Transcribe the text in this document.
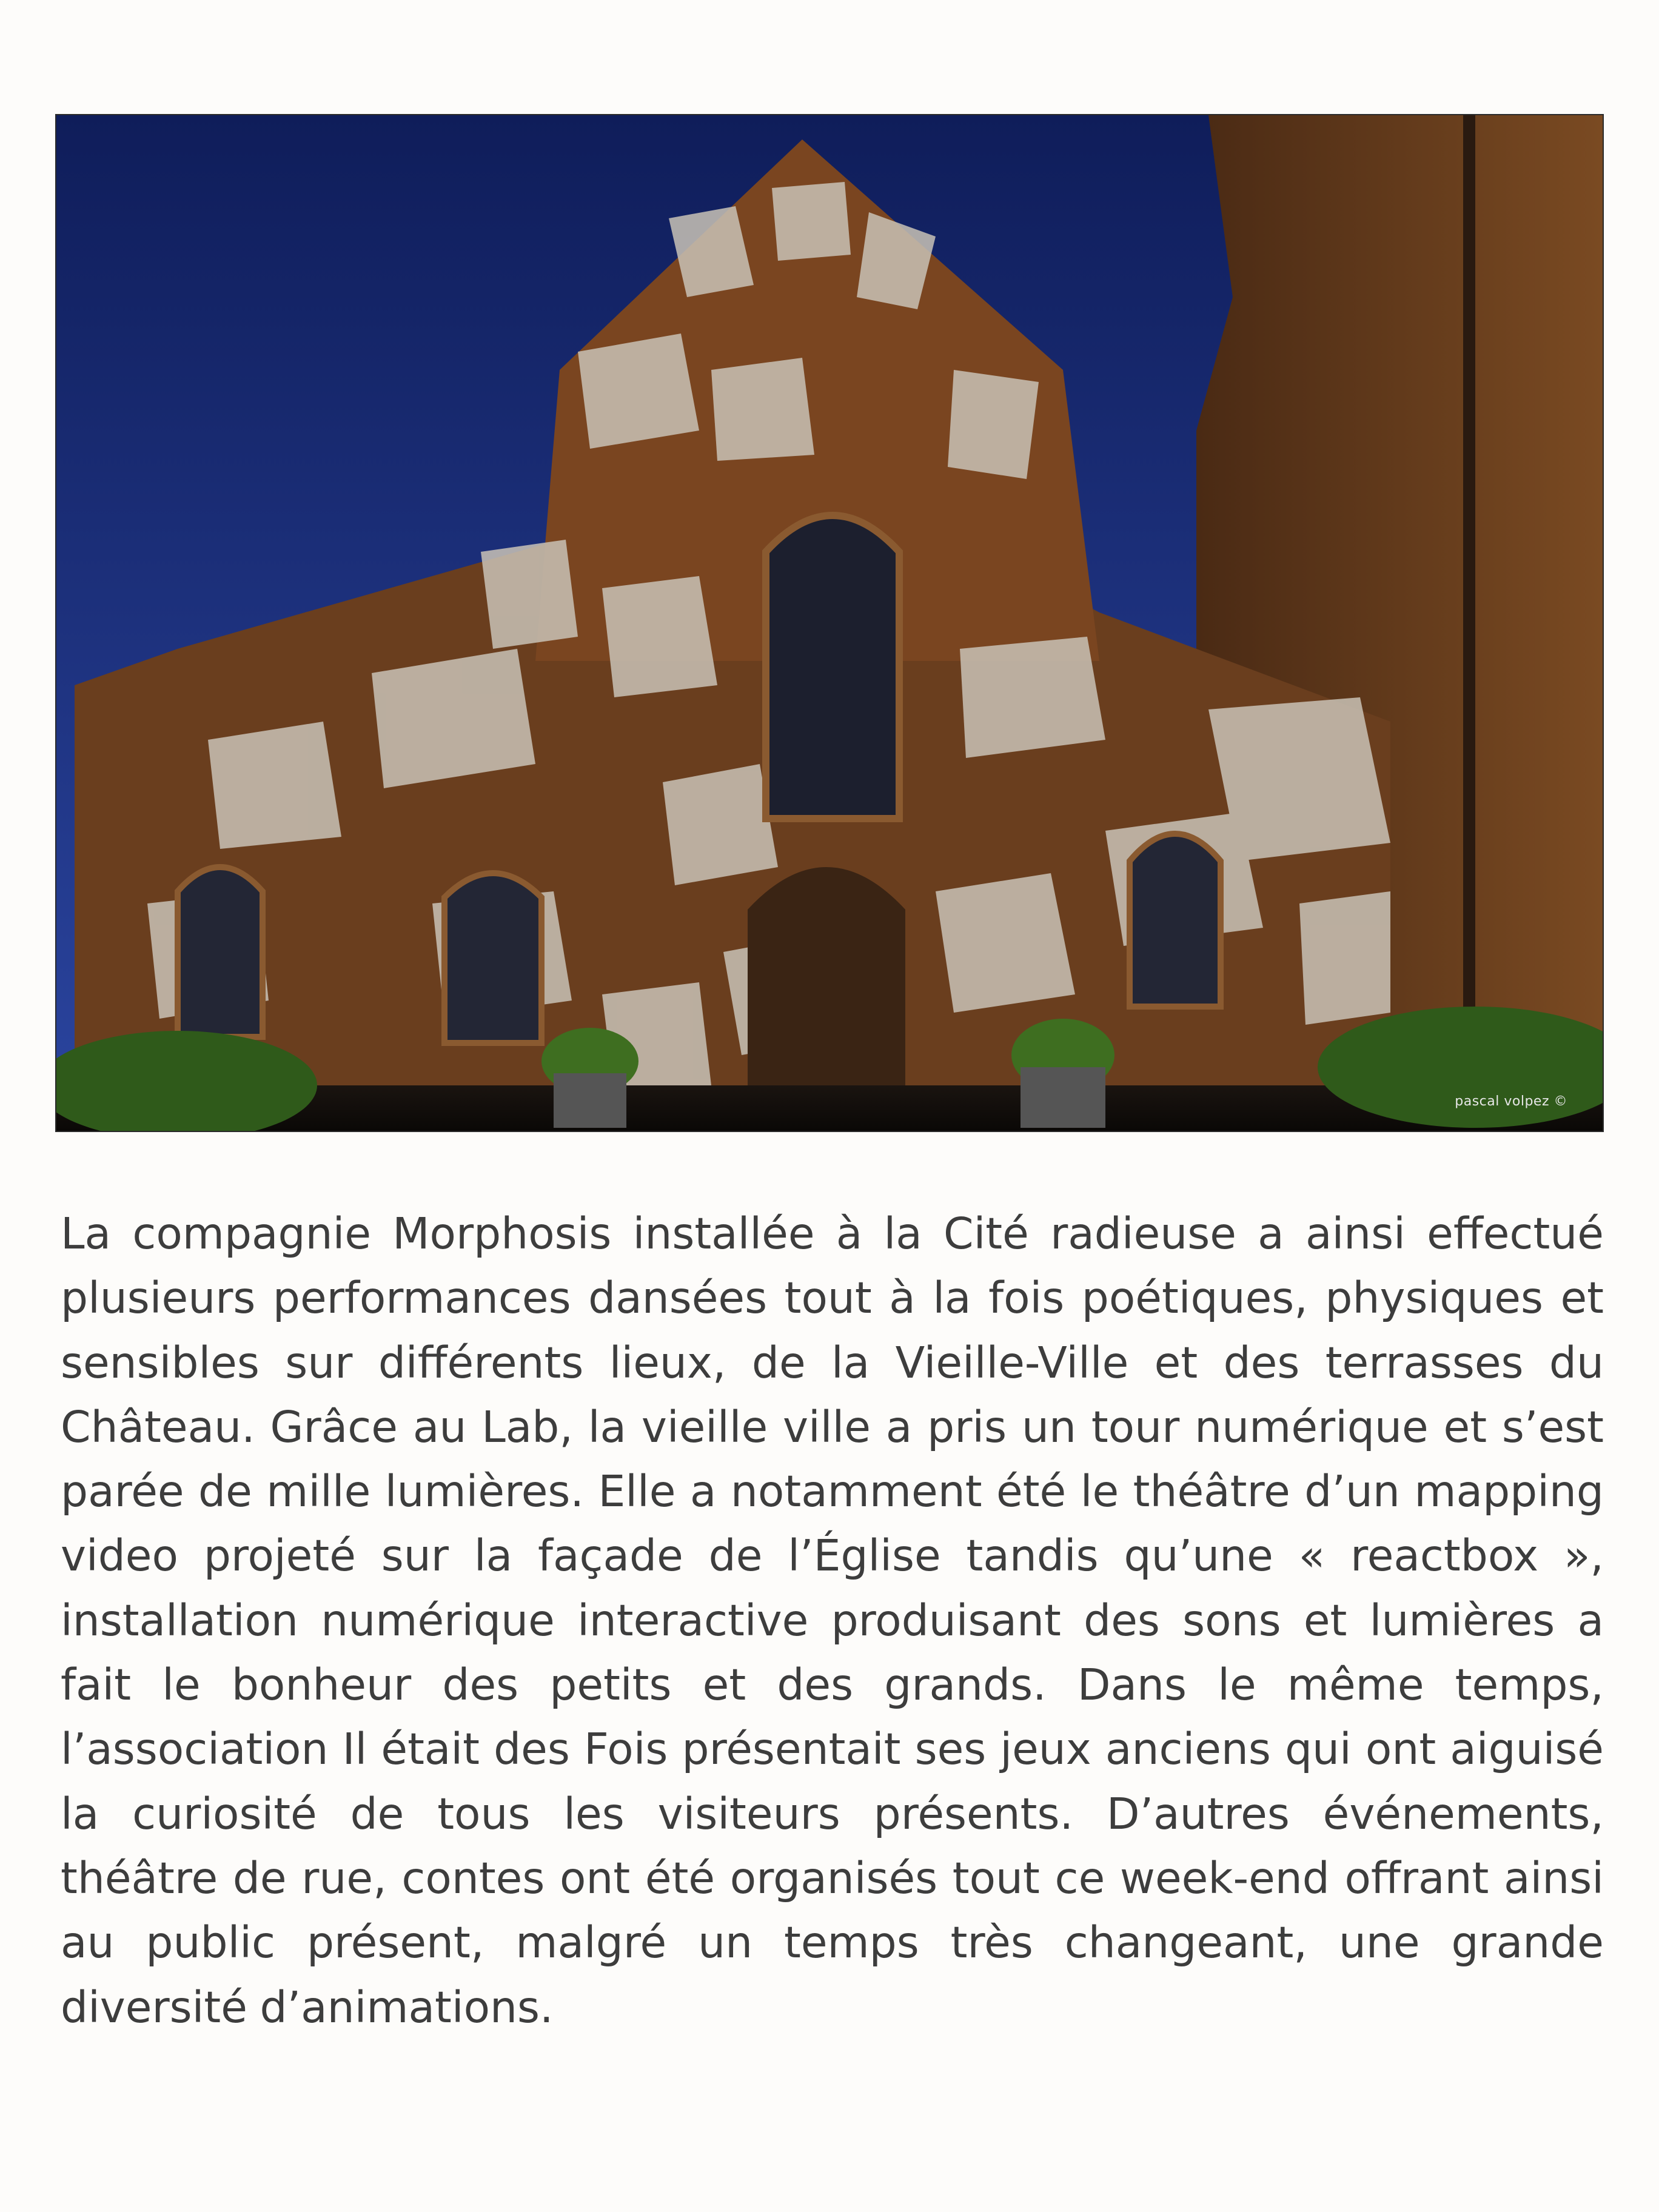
pascal volpez ©

La compagnie Morphosis installée à la Cité radieuse a ainsi effectué plusieurs performances dansées tout à la fois poétiques, physiques et sensibles sur différents lieux, de la Vieille-Ville et des terrasses du Château. Grâce au Lab, la vieille ville a pris un tour numérique et s’est parée de mille lumières. Elle a notamment été le théâtre d’un mapping video projeté sur la façade de l’Église tandis qu’une « reactbox », installation numérique interactive produisant des sons et lumières a fait le bonheur des petits et des grands. Dans le même temps, l’association Il était des Fois présentait ses jeux anciens qui ont aiguisé la curiosité de tous les visiteurs présents. D’autres événements, théâtre de rue, contes ont été organisés tout ce week-end offrant ainsi au public présent, malgré un temps très changeant, une grande diversité d’animations.
